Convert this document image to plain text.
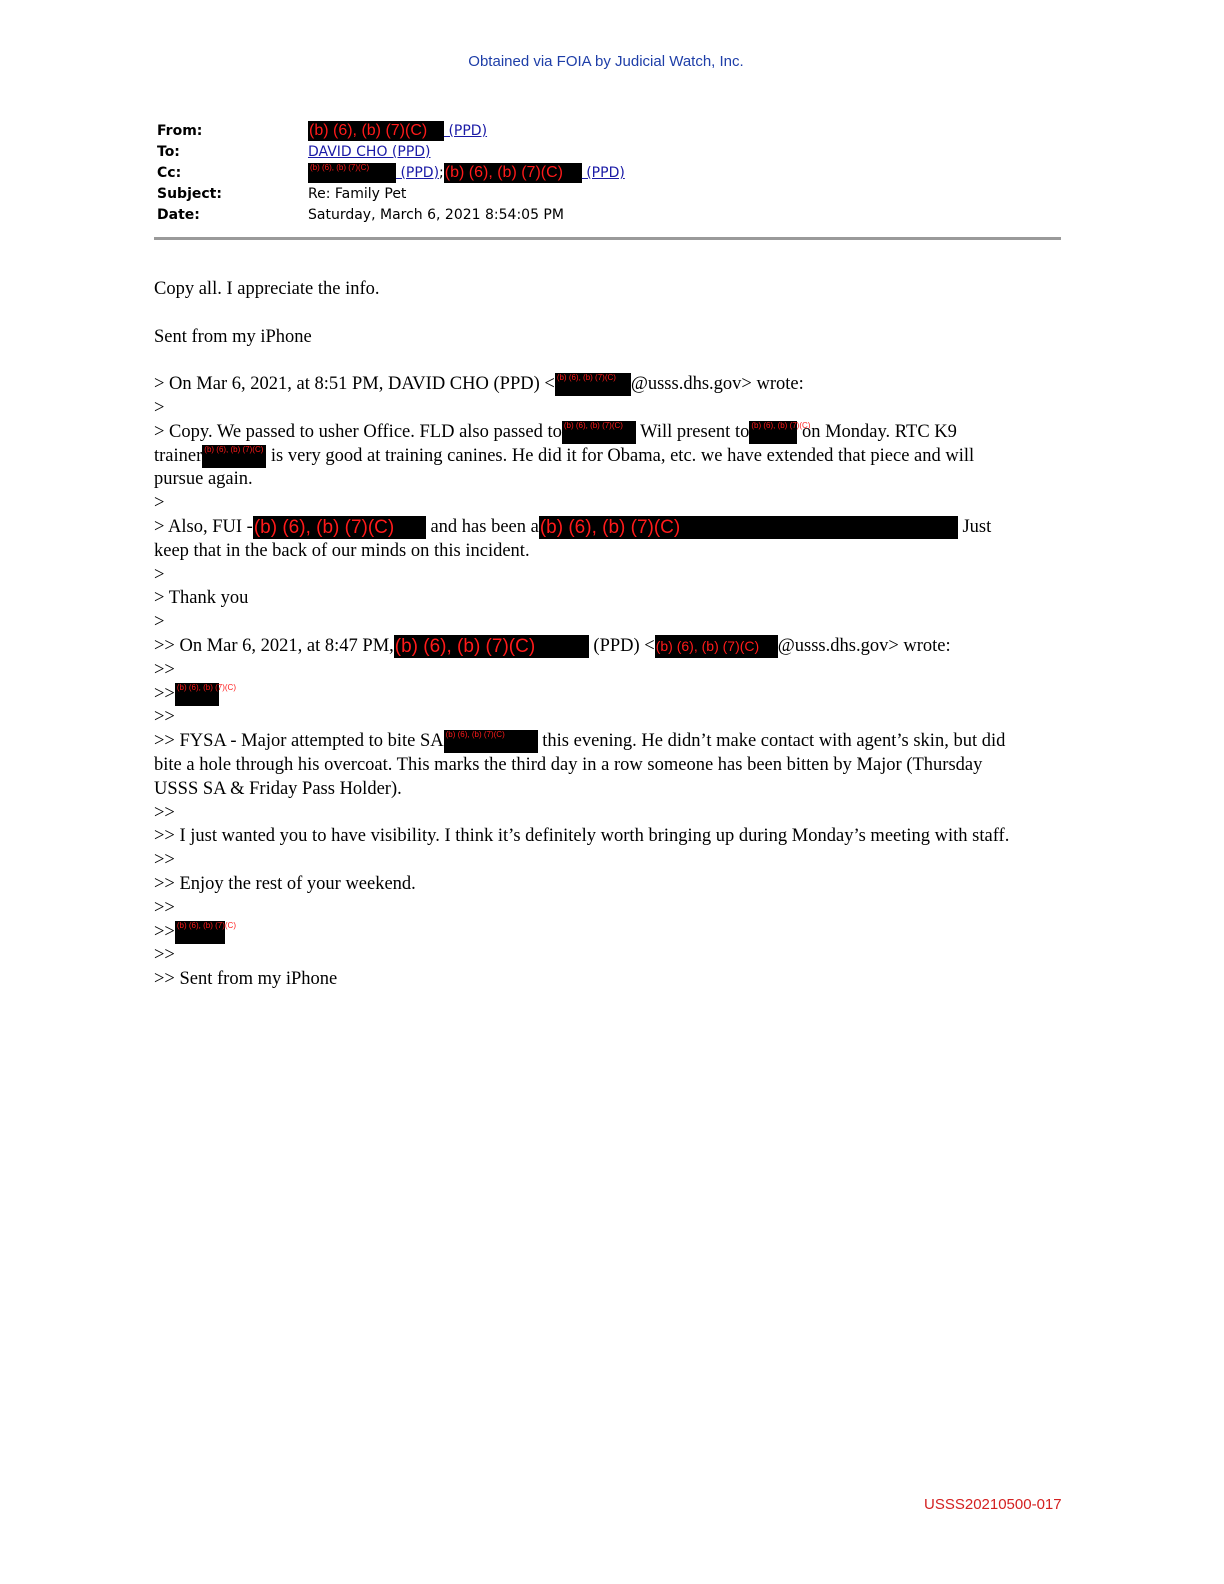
Obtained via FOIA by Judicial Watch, Inc.
From:	(b) (6), (b) (7)(C) (PPD)
To:	DAVID CHO (PPD)
Cc:	(b) (6), (b) (7)(C) (PPD);(b) (6), (b) (7)(C) (PPD)
Subject:	Re: Family Pet
Date:	Saturday, March 6, 2021 8:54:05 PM
Copy all. I appreciate the info.
Sent from my iPhone
> On Mar 6, 2021, at 8:51 PM, DAVID CHO (PPD) < (b) (6), (b) (7)(C) @usss.dhs.gov> wrote:
>
> Copy. We passed to usher Office. FLD also passed to (b) (6), (b) (7)(C) Will present to (b) (6), (b) (7)(C) on Monday. RTC K9
trainer (b) (6), (b) (7)(C) is very good at training canines. He did it for Obama, etc. we have extended that piece and will
pursue again.
>
> Also, FUI -(b) (6), (b) (7)(C) and has been a(b) (6), (b) (7)(C)	Just
keep that in the back of our minds on this incident.
>
> Thank you
>
>> On Mar 6, 2021, at 8:47 PM,(b) (6), (b) (7)(C)	(PPD) <(b) (6), (b) (7)(C) @usss.dhs.gov> wrote:
>>
>> (b) (6), (b) (7)(C)
>>
>> FYSA - Major attempted to bite SA (b) (6), (b) (7)(C) this evening. He didn’t make contact with agent’s skin, but did
bite a hole through his overcoat. This marks the third day in a row someone has been bitten by Major (Thursday
USSS SA & Friday Pass Holder).
>>
>> I just wanted you to have visibility. I think it’s definitely worth bringing up during Monday’s meeting with staff.
>>
>> Enjoy the rest of your weekend.
>>
>> (b) (6), (b) (7)(C)
>>
>> Sent from my iPhone
USSS20210500-017
